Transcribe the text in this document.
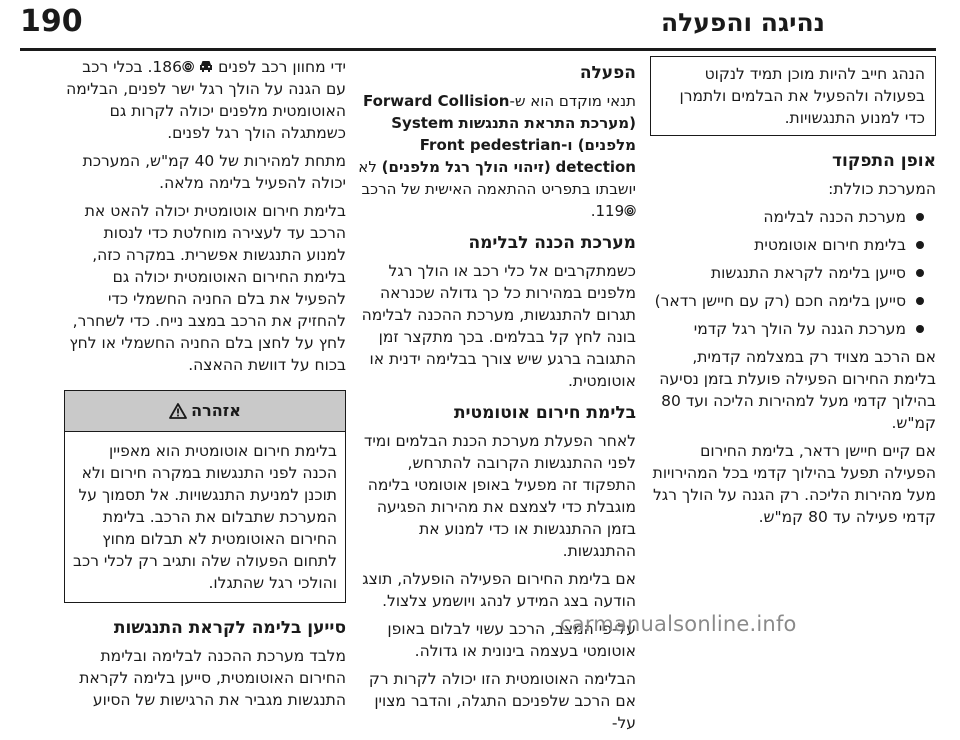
190	נהיגה והפעלה
הנהג חייב להיות מוכן תמיד לנקוט בפעולה ולהפעיל את הבלמים ולתמרן כדי למנוע התנגשויות.
אופן התפקוד

המערכת כוללת:

מערכת הכנה לבלימה
בלימת חירום אוטומטית
סייען בלימה לקראת התנגשות
סייען בלימה חכם (רק עם חיישן רדאר)
מערכת הגנה על הולך רגל קדמי

אם הרכב מצויד רק במצלמה קדמית, בלימת החירום הפעילה פועלת בזמן נסיעה בהילוך קדמי מעל למהירות הליכה ועד 80 קמ"ש.

אם קיים חיישן רדאר, בלימת החירום הפעילה תפעל בהילוך קדמי בכל המהירויות מעל מהירות הליכה. רק הגנה על הולך רגל קדמי פעילה עד 80 קמ"ש.

הפעלה

תנאי מוקדם הוא ש-Forward Collision (מערכת התראת התנגשות System מלפנים) ו-Front pedestrian detection (זיהוי הולך רגל מלפנים) לא יושבתו בתפריט ההתאמה האישית של הרכב 119🞋.

מערכת הכנה לבלימה

כשמתקרבים אל כלי רכב או הולך רגל מלפנים במהירות כל כך גדולה שכנראה תגרום להתנגשות, מערכת ההכנה לבלימה בונה לחץ קל בבלמים. בכך מתקצר זמן התגובה ברגע שיש צורך בבלימה ידנית או אוטומטית.

בלימת חירום אוטומטית

לאחר הפעלת מערכת הכנת הבלמים ומיד לפני ההתנגשות הקרובה להתרחש, התפקוד זה מפעיל באופן אוטומטי בלימה מוגבלת כדי לצמצם את מהירות הפגיעה בזמן ההתנגשות או כדי למנוע את ההתנגשות.

אם בלימת החירום הפעילה הופעלה, תוצג הודעה בצג המידע לנהג ויושמע צלצול.

על-פי המצב, הרכב עשוי לבלום באופן אוטומטי בעצמה בינונית או גדולה.

הבלימה האוטומטית הזו יכולה לקרות רק אם הרכב שלפניכם התגלה, והדבר מצוין על-

ידי מחוון רכב לפנים  186🞋. בכלי רכב עם הגנה על הולך רגל ישר לפנים, הבלימה האוטומטית מלפנים יכולה לקרות גם כשמתגלה הולך רגל לפנים.

מתחת למהירות של 40 קמ"ש, המערכת יכולה להפעיל בלימה מלאה.

בלימת חירום אוטומטית יכולה להאט את הרכב עד לעצירה מוחלטת כדי לנסות למנוע התנגשות אפשרית. במקרה כזה, בלימת החירום האוטומטית יכולה גם להפעיל את בלם החניה החשמלי כדי להחזיק את הרכב במצב נייח. כדי לשחרר, לחץ על לחצן בלם החניה החשמלי או לחץ בכוח על דוושת ההאצה.

אזהרה
בלימת חירום אוטומטית הוא מאפיין הכנה לפני התנגשות במקרה חירום ולא תוכנן למניעת התנגשויות. אל תסמוך על המערכת שתבלום את הרכב. בלימת החירום האוטומטית לא תבלום מחוץ לתחום הפעולה שלה ותגיב רק לכלי רכב והולכי רגל שהתגלו.
סייען בלימה לקראת התנגשות

מלבד מערכת ההכנה לבלימה ובלימת החירום האוטומטית, סייען בלימה לקראת התנגשות מגביר את הרגישות של הסיוע

carmanualsonline.info
